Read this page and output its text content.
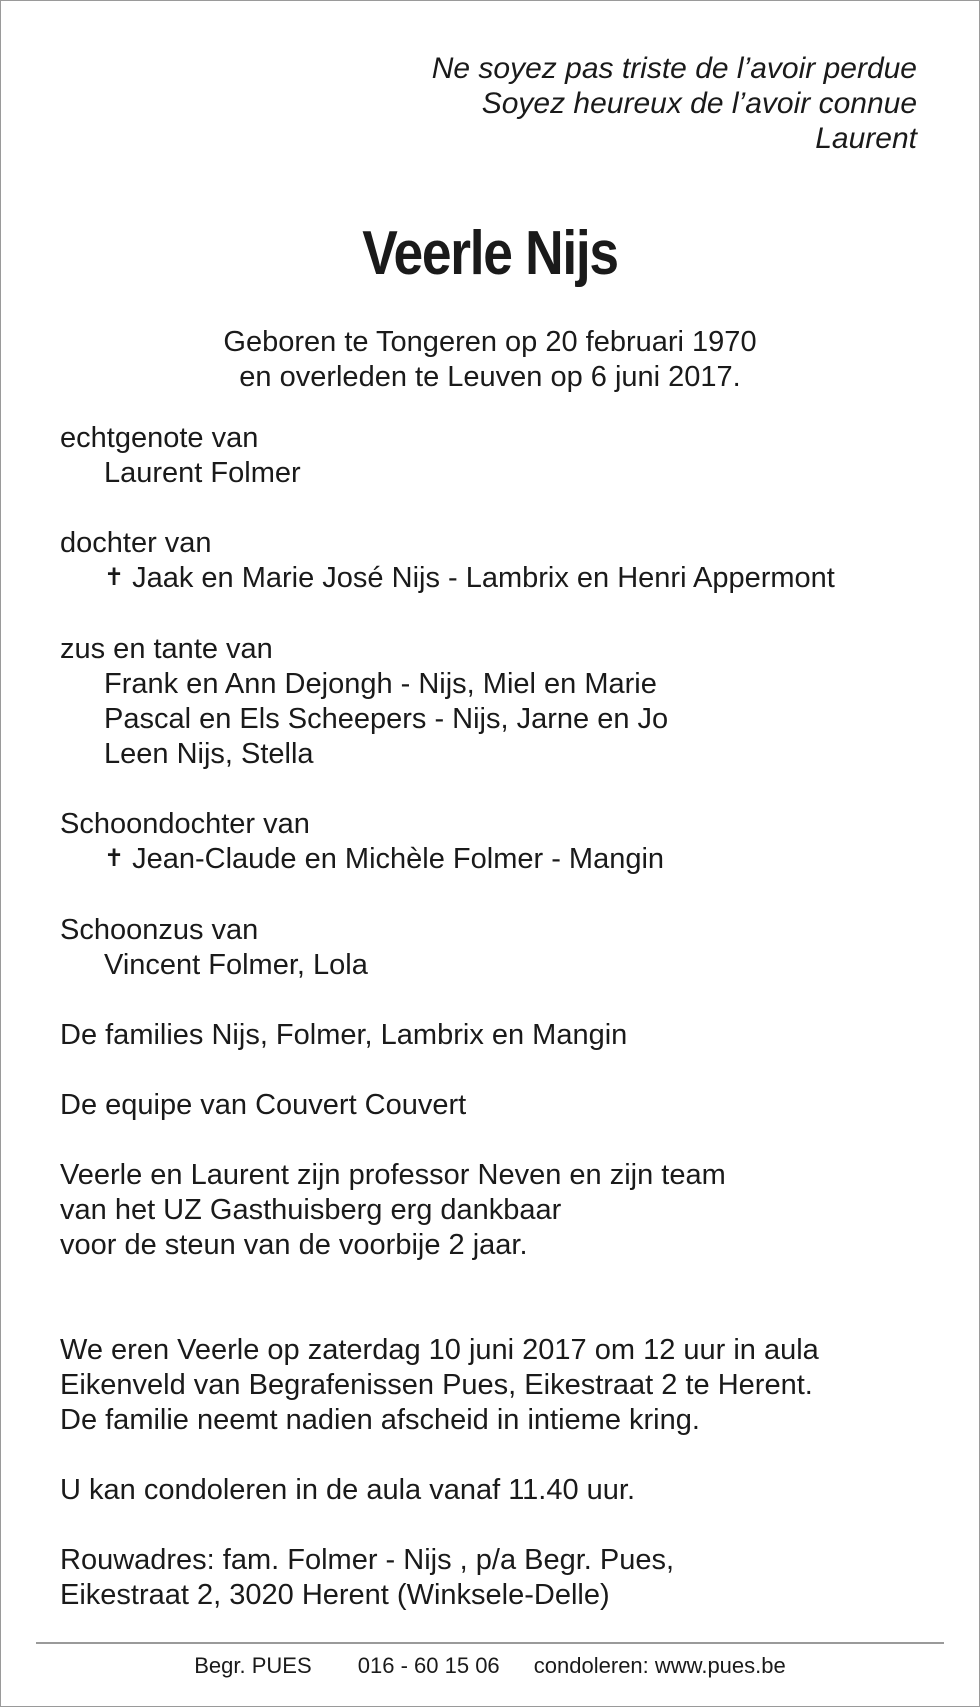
Ne soyez pas triste de l’avoir perdue
Soyez heureux de l’avoir connue
Laurent
Veerle Nijs
Geboren te Tongeren op 20 februari 1970
en overleden te Leuven op 6 juni 2017.
echtgenote van
Laurent Folmer
dochter van
✝ Jaak en Marie José Nijs - Lambrix en Henri Appermont
zus en tante van
Frank en Ann Dejongh - Nijs, Miel en Marie
Pascal en Els Scheepers - Nijs, Jarne en Jo
Leen Nijs, Stella
Schoondochter van
✝ Jean-Claude en Michèle Folmer - Mangin
Schoonzus van
Vincent Folmer, Lola
De families Nijs, Folmer, Lambrix en Mangin
De equipe van Couvert Couvert
Veerle en Laurent zijn professor Neven en zijn team
van het UZ Gasthuisberg erg dankbaar
voor de steun van de voorbije 2 jaar.
We eren Veerle op zaterdag 10 juni 2017 om 12 uur in aula
Eikenveld van Begrafenissen Pues, Eikestraat 2 te Herent.
De familie neemt nadien afscheid in intieme kring.
U kan condoleren in de aula vanaf 11.40 uur.
Rouwadres: fam. Folmer - Nijs , p/a Begr. Pues,
Eikestraat 2, 3020 Herent (Winksele-Delle)
Begr. PUES 016 - 60 15 06 condoleren: www.pues.be
